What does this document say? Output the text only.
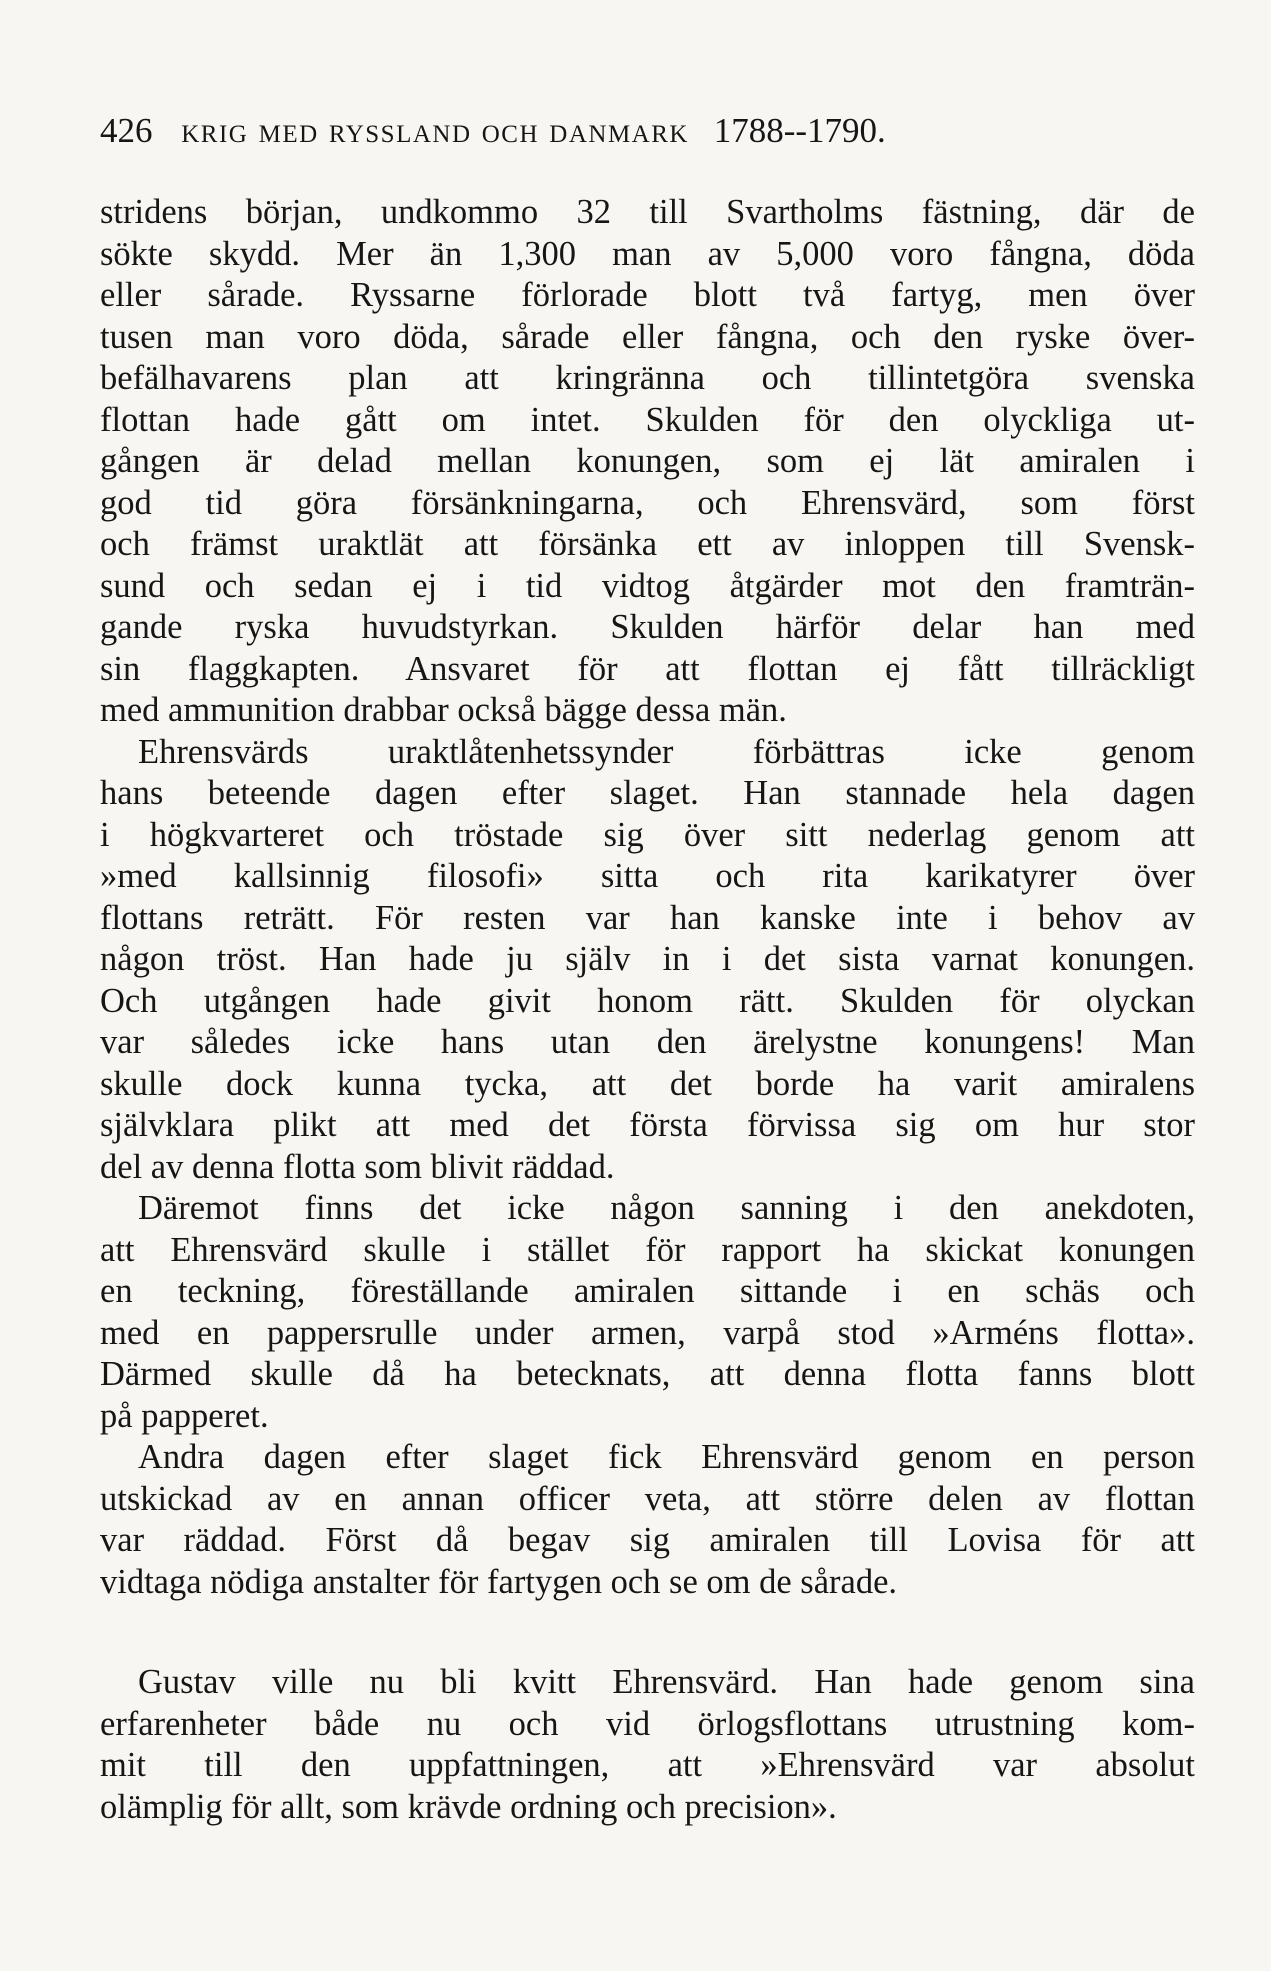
426 krig med ryssland och danmark 1788--1790.
stridens början, undkommo 32 till Svartholms fästning, där de
sökte skydd. Mer än 1,300 man av 5,000 voro fångna, döda
eller sårade. Ryssarne förlorade blott två fartyg, men över
tusen man voro döda, sårade eller fångna, och den ryske över-
befälhavarens plan att kringränna och tillintetgöra svenska
flottan hade gått om intet. Skulden för den olyckliga ut-
gången är delad mellan konungen, som ej lät amiralen i
god tid göra försänkningarna, och Ehrensvärd, som först
och främst uraktlät att försänka ett av inloppen till Svensk-
sund och sedan ej i tid vidtog åtgärder mot den framträn-
gande ryska huvudstyrkan. Skulden härför delar han med
sin flaggkapten. Ansvaret för att flottan ej fått tillräckligt
med ammunition drabbar också bägge dessa män.
Ehrensvärds uraktlåtenhetssynder förbättras icke genom
hans beteende dagen efter slaget. Han stannade hela dagen
i högkvarteret och tröstade sig över sitt nederlag genom att
»med kallsinnig filosofi» sitta och rita karikatyrer över
flottans reträtt. För resten var han kanske inte i behov av
någon tröst. Han hade ju själv in i det sista varnat konungen.
Och utgången hade givit honom rätt. Skulden för olyckan
var således icke hans utan den ärelystne konungens! Man
skulle dock kunna tycka, att det borde ha varit amiralens
självklara plikt att med det första förvissa sig om hur stor
del av denna flotta som blivit räddad.
Däremot finns det icke någon sanning i den anekdoten,
att Ehrensvärd skulle i stället för rapport ha skickat konungen
en teckning, föreställande amiralen sittande i en schäs och
med en pappersrulle under armen, varpå stod »Arméns flotta».
Därmed skulle då ha betecknats, att denna flotta fanns blott
på papperet.
Andra dagen efter slaget fick Ehrensvärd genom en person
utskickad av en annan officer veta, att större delen av flottan
var räddad. Först då begav sig amiralen till Lovisa för att
vidtaga nödiga anstalter för fartygen och se om de sårade.
Gustav ville nu bli kvitt Ehrensvärd. Han hade genom sina
erfarenheter både nu och vid örlogsflottans utrustning kom-
mit till den uppfattningen, att »Ehrensvärd var absolut
olämplig för allt, som krävde ordning och precision».
